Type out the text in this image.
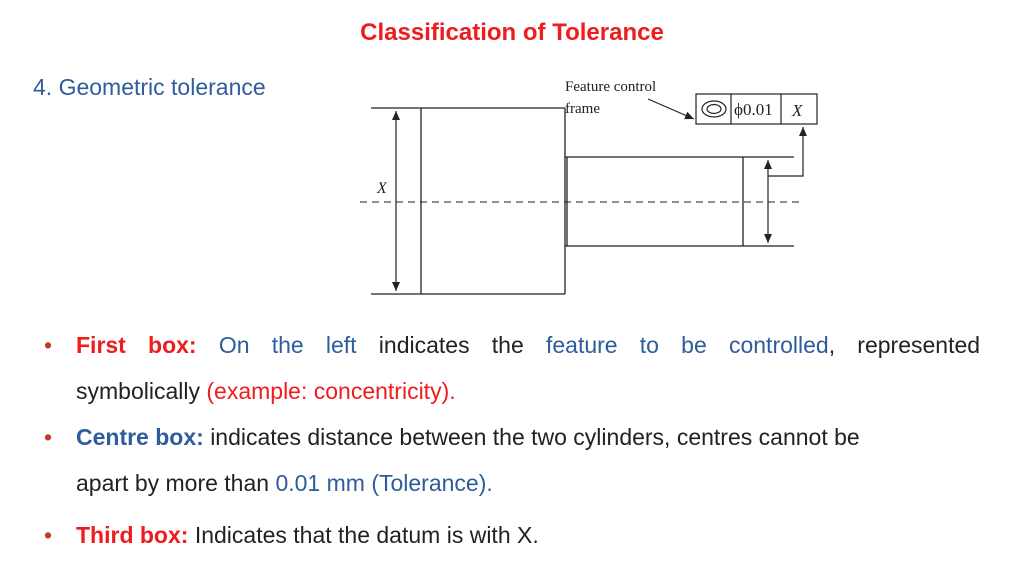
Classification of Tolerance
4. Geometric tolerance
X
Feature control
frame	ϕ0.01 X
• First box: On the left indicates the feature to be controlled, represented
symbolically (example: concentricity).
• Centre box: indicates distance between the two cylinders, centres cannot be
apart by more than 0.01 mm (Tolerance).
• Third box: Indicates that the datum is with X.
